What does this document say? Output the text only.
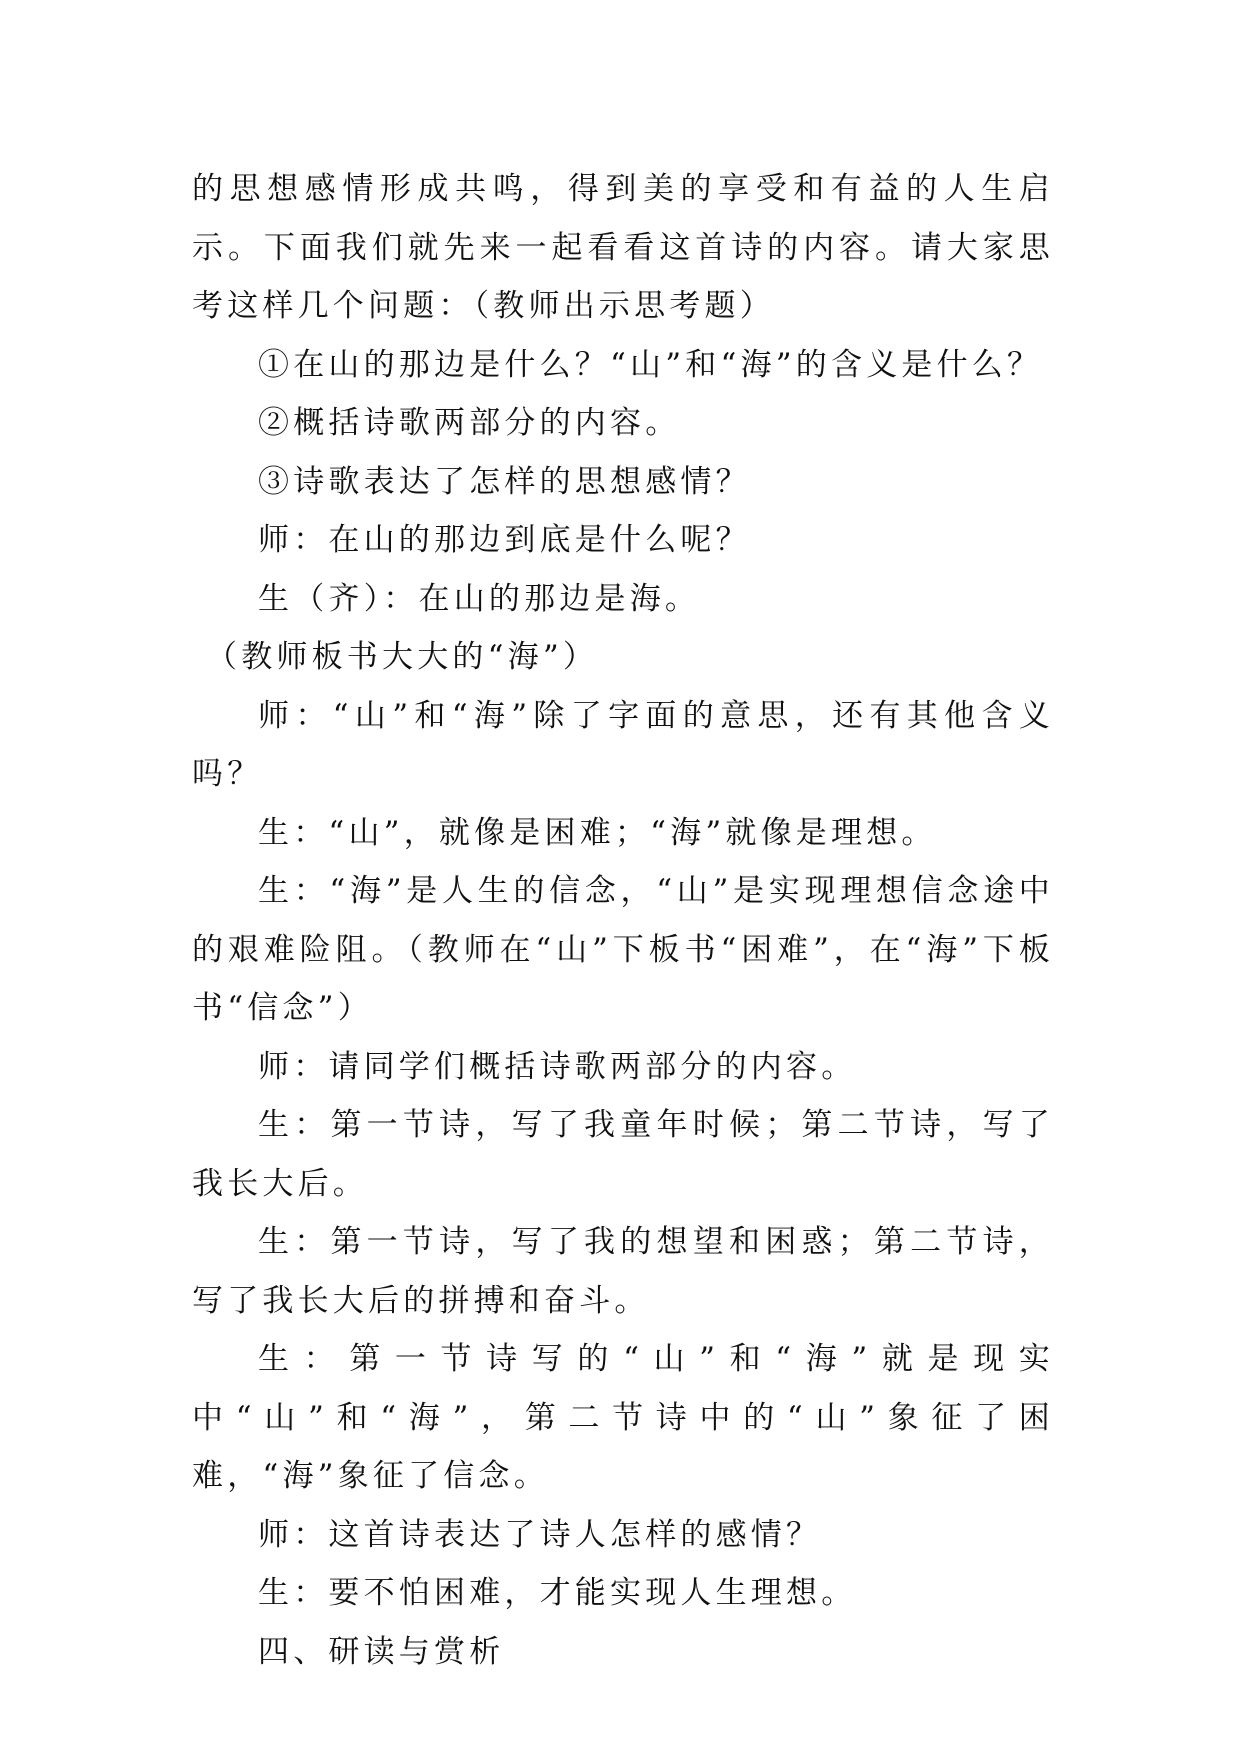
的思想感情形成共鸣，得到美的享受和有益的人生启示。下面我们就先来一起看看这首诗的内容。请大家思考这样几个问题：（教师出示思考题）

①在山的那边是什么？“山”和“海”的含义是什么？

②概括诗歌两部分的内容。

③诗歌表达了怎样的思想感情？

师：在山的那边到底是什么呢？

生（齐）：在山的那边是海。

（教师板书大大的“海”）

师：“山”和“海”除了字面的意思，还有其他含义吗？

生：“山”，就像是困难；“海”就像是理想。

生：“海”是人生的信念，“山”是实现理想信念途中的艰难险阻。（教师在“山”下板书“困难”，在“海”下板书“信念”）

师：请同学们概括诗歌两部分的内容。

生：第一节诗，写了我童年时候；第二节诗，写了我长大后。

生：第一节诗，写了我的想望和困惑；第二节诗，写了我长大后的拼搏和奋斗。

生：第一节诗写的“山”和“海”就是现实中“山”和“海”，第二节诗中的“山”象征了困难，“海”象征了信念。

师：这首诗表达了诗人怎样的感情？

生：要不怕困难，才能实现人生理想。

四、研读与赏析
